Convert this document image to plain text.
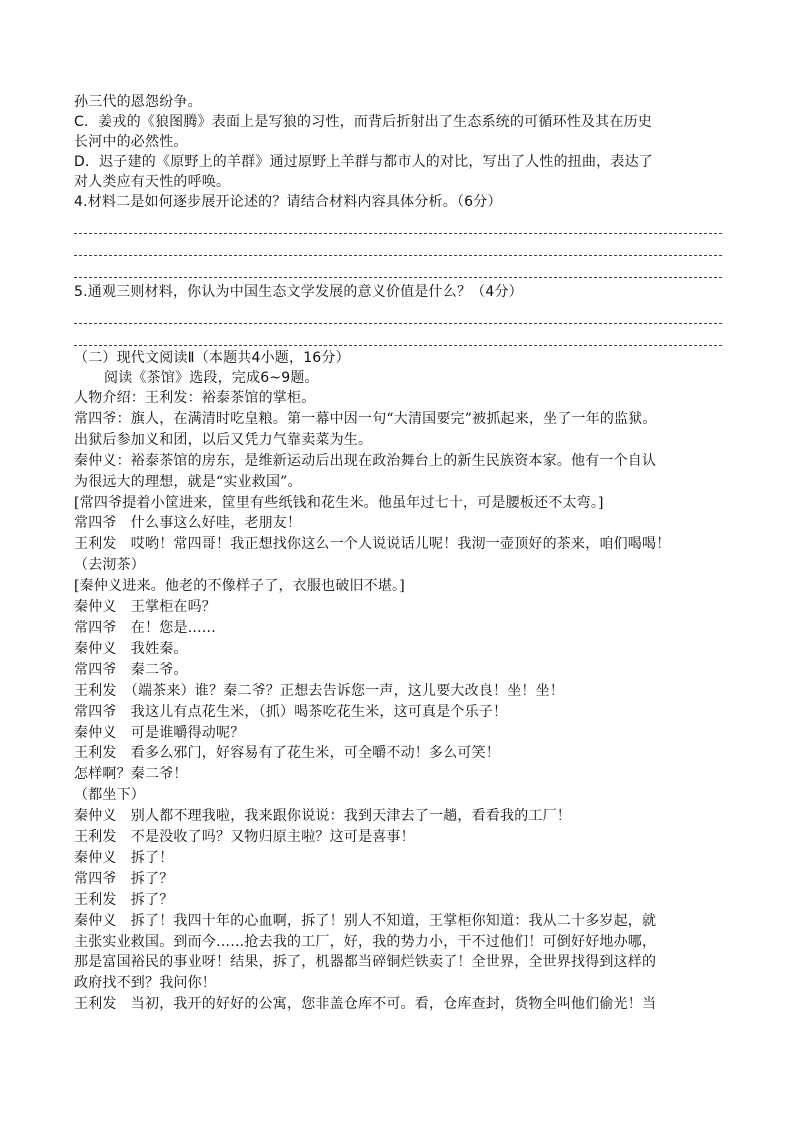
孙三代的恩怨纷争。
C．姜戎的《狼图腾》表面上是写狼的习性，而背后折射出了生态系统的可循环性及其在历史
长河中的必然性。
D．迟子建的《原野上的羊群》通过原野上羊群与都市人的对比，写出了人性的扭曲，表达了
对人类应有天性的呼唤。
4.材料二是如何逐步展开论述的？请结合材料内容具体分析。（6分）
5.通观三则材料，你认为中国生态文学发展的意义价值是什么？（4分）
（二）现代文阅读Ⅱ（本题共4小题，16分）
阅读《茶馆》选段，完成6~9题。
人物介绍：王利发：裕泰茶馆的掌柜。
常四爷：旗人，在满清时吃皇粮。第一幕中因一句“大清国要完”被抓起来，坐了一年的监狱。
出狱后参加义和团，以后又凭力气靠卖菜为生。
秦仲义：裕泰茶馆的房东，是维新运动后出现在政治舞台上的新生民族资本家。他有一个自认
为很远大的理想，就是“实业救国”。
[常四爷提着小筐进来，筐里有些纸钱和花生米。他虽年过七十，可是腰板还不太弯。]
常四爷　什么事这么好哇，老朋友！
王利发　哎哟！常四哥！我正想找你这么一个人说说话儿呢！我沏一壶顶好的茶来，咱们喝喝！
（去沏茶）
[秦仲义进来。他老的不像样子了，衣服也破旧不堪。]
秦仲义　王掌柜在吗？
常四爷　在！您是……
秦仲义　我姓秦。
常四爷　秦二爷。
王利发　（端茶来）谁？秦二爷？正想去告诉您一声，这儿要大改良！坐！坐！
常四爷　我这儿有点花生米，（抓）喝茶吃花生米，这可真是个乐子！
秦仲义　可是谁嚼得动呢？
王利发　看多么邪门，好容易有了花生米，可全嚼不动！多么可笑！
怎样啊？秦二爷！
（都坐下）
秦仲义　别人都不理我啦，我来跟你说说：我到天津去了一趟，看看我的工厂！
王利发　不是没收了吗？又物归原主啦？这可是喜事！
秦仲义　拆了！
常四爷　拆了？
王利发　拆了？
秦仲义　拆了！我四十年的心血啊，拆了！别人不知道，王掌柜你知道：我从二十多岁起，就
主张实业救国。到而今……抢去我的工厂，好，我的势力小，干不过他们！可倒好好地办哪，
那是富国裕民的事业呀！结果，拆了，机器都当碎铜烂铁卖了！全世界，全世界找得到这样的
政府找不到？我问你！
王利发　当初，我开的好好的公寓，您非盖仓库不可。看，仓库查封，货物全叫他们偷光！当
